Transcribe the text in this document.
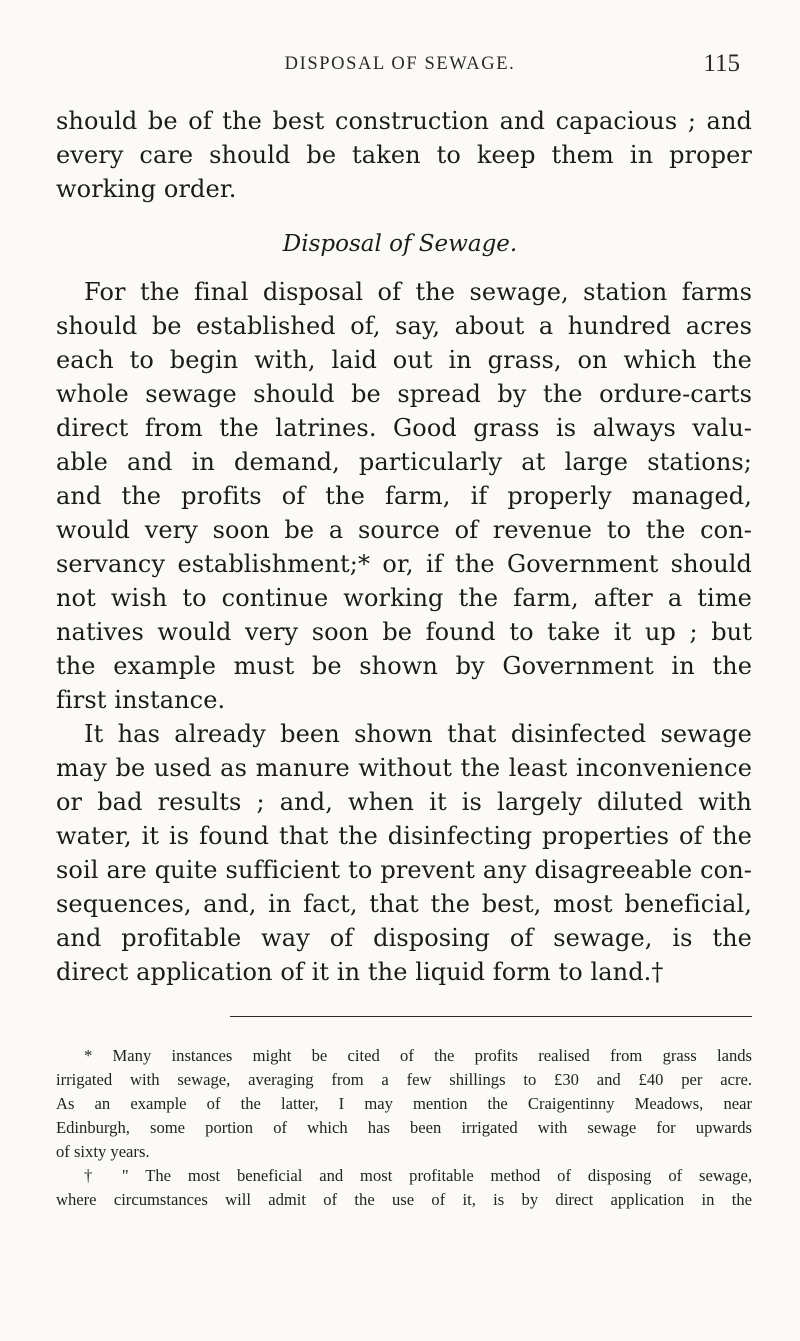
DISPOSAL OF SEWAGE.	115
should be of the best construction and capacious ; and
every care should be taken to keep them in proper
working order.
Disposal of Sewage.
For the final disposal of the sewage, station farms
should be established of, say, about a hundred acres
each to begin with, laid out in grass, on which the
whole sewage should be spread by the ordure-carts
direct from the latrines. Good grass is always valu-
able and in demand, particularly at large stations;
and the profits of the farm, if properly managed,
would very soon be a source of revenue to the con-
servancy establishment;* or, if the Government should
not wish to continue working the farm, after a time
natives would very soon be found to take it up ; but
the example must be shown by Government in the
first instance.
It has already been shown that disinfected sewage
may be used as manure without the least inconvenience
or bad results ; and, when it is largely diluted with
water, it is found that the disinfecting properties of the
soil are quite sufficient to prevent any disagreeable con-
sequences, and, in fact, that the best, most beneficial,
and profitable way of disposing of sewage, is the
direct application of it in the liquid form to land.†
* Many instances might be cited of the profits realised from grass lands
irrigated with sewage, averaging from a few shillings to £30 and £40 per acre.
As an example of the latter, I may mention the Craigentinny Meadows, near
Edinburgh, some portion of which has been irrigated with sewage for upwards
of sixty years.
† " The most beneficial and most profitable method of disposing of sewage,
where circumstances will admit of the use of it, is by direct application in the
